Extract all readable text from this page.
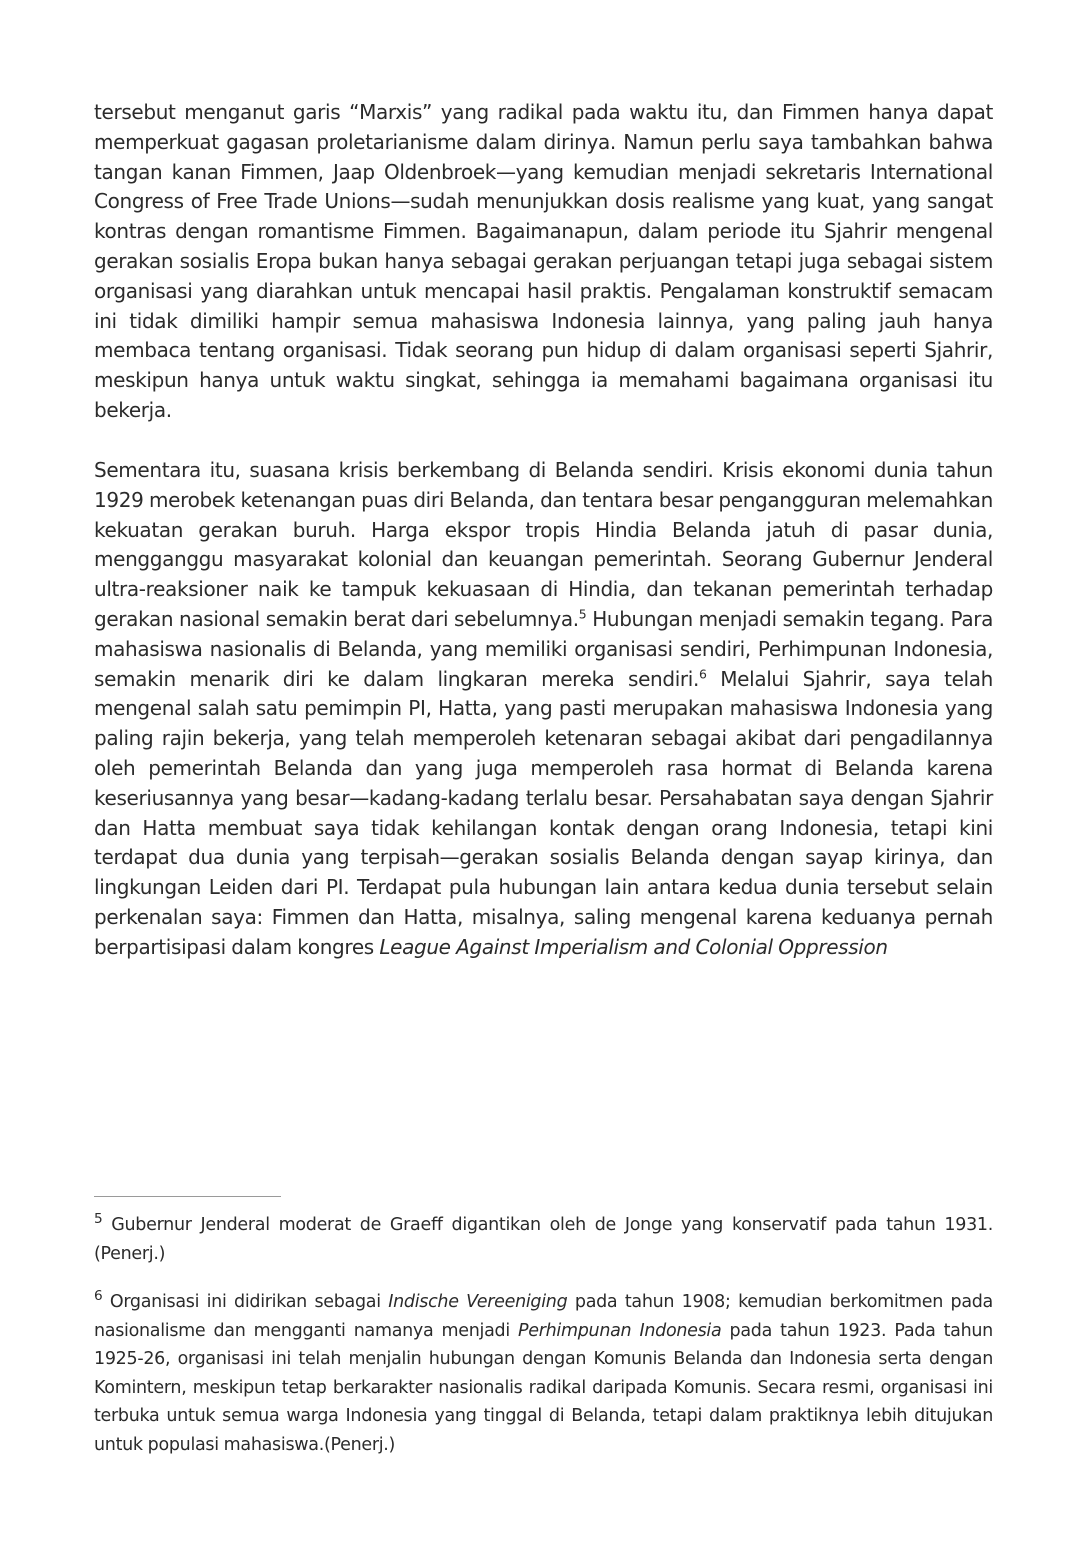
tersebut menganut garis “Marxis” yang radikal pada waktu itu, dan Fimmen hanya dapat memperkuat gagasan proletarianisme dalam dirinya. Namun perlu saya tambahkan bahwa tangan kanan Fimmen, Jaap Oldenbroek—yang kemudian menjadi sekretaris International Congress of Free Trade Unions—sudah menunjukkan dosis realisme yang kuat, yang sangat kontras dengan romantisme Fimmen. Bagaimanapun, dalam periode itu Sjahrir mengenal gerakan sosialis Eropa bukan hanya sebagai gerakan perjuangan tetapi juga sebagai sistem organisasi yang diarahkan untuk mencapai hasil praktis. Pengalaman konstruktif semacam ini tidak dimiliki hampir semua mahasiswa Indonesia lainnya, yang paling jauh hanya membaca tentang organisasi. Tidak seorang pun hidup di dalam organisasi seperti Sjahrir, meskipun hanya untuk waktu singkat, sehingga ia memahami bagaimana organisasi itu bekerja.

Sementara itu, suasana krisis berkembang di Belanda sendiri. Krisis ekonomi dunia tahun 1929 merobek ketenangan puas diri Belanda, dan tentara besar pengangguran melemahkan kekuatan gerakan buruh. Harga ekspor tropis Hindia Belanda jatuh di pasar dunia, mengganggu masyarakat kolonial dan keuangan pemerintah. Seorang Gubernur Jenderal ultra-reaksioner naik ke tampuk kekuasaan di Hindia, dan tekanan pemerintah terhadap gerakan nasional semakin berat dari sebelumnya.$^5$ Hubungan menjadi semakin tegang. Para mahasiswa nasionalis di Belanda, yang memiliki organisasi sendiri, Perhimpunan Indonesia, semakin menarik diri ke dalam lingkaran mereka sendiri.$^6$ Melalui Sjahrir, saya telah mengenal salah satu pemimpin PI, Hatta, yang pasti merupakan mahasiswa Indonesia yang paling rajin bekerja, yang telah memperoleh ketenaran sebagai akibat dari pengadilannya oleh pemerintah Belanda dan yang juga memperoleh rasa hormat di Belanda karena keseriusannya yang besar—kadang-kadang terlalu besar. Persahabatan saya dengan Sjahrir dan Hatta membuat saya tidak kehilangan kontak dengan orang Indonesia, tetapi kini terdapat dua dunia yang terpisah—gerakan sosialis Belanda dengan sayap kirinya, dan lingkungan Leiden dari PI. Terdapat pula hubungan lain antara kedua dunia tersebut selain perkenalan saya: Fimmen dan Hatta, misalnya, saling mengenal karena keduanya pernah berpartisipasi dalam kongres League Against Imperialism and Colonial Oppression

$^5$ Gubernur Jenderal moderat de Graeff digantikan oleh de Jonge yang konservatif pada tahun 1931. (Penerj.)

$^6$ Organisasi ini didirikan sebagai Indische Vereeniging pada tahun 1908; kemudian berkomitmen pada nasionalisme dan mengganti namanya menjadi Perhimpunan Indonesia pada tahun 1923. Pada tahun 1925-26, organisasi ini telah menjalin hubungan dengan Komunis Belanda dan Indonesia serta dengan Komintern, meskipun tetap berkarakter nasionalis radikal daripada Komunis. Secara resmi, organisasi ini terbuka untuk semua warga Indonesia yang tinggal di Belanda, tetapi dalam praktiknya lebih ditujukan untuk populasi mahasiswa.(Penerj.)
